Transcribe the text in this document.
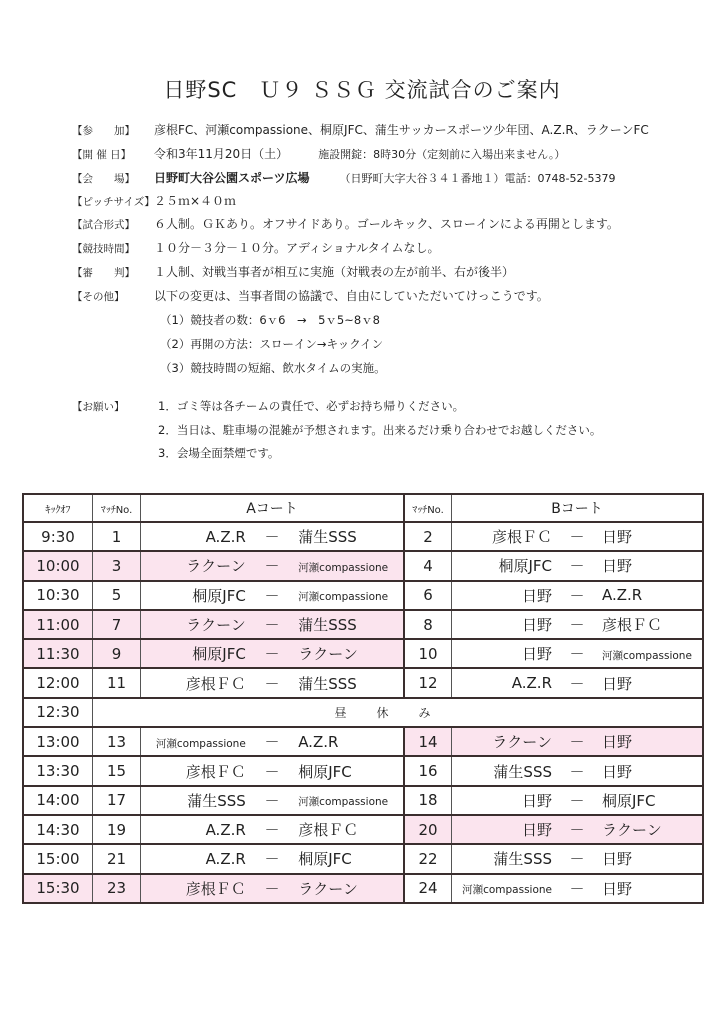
日野SC　Ｕ９ ＳＳＧ 交流試合のご案内
【参　　加】 彦根FC、河瀬compassione、桐原JFC、蒲生サッカースポーツ少年団、A.Z.R、ラクーンFC
【開 催 日】 令和3年11月20日（土）	施設開錠：8時30分（定刻前に入場出来ません。）
【会　　場】 日野町大谷公園スポーツ広場	（日野町大字大谷３４１番地１）電話：0748-52-5379
【ピッチサイズ】２５ｍ×４０ｍ
【試合形式】 ６人制。ＧＫあり。オフサイドあり。ゴールキック、スローインによる再開とします。
【競技時間】 １０分－３分－１０分。アディショナルタイムなし。
【審　　判】 １人制、対戦当事者が相互に実施（対戦表の左が前半、右が後半）
【その他】 以下の変更は、当事者間の協議で、自由にしていただいてけっこうです。
（1）競技者の数：6ｖ6　→　5ｖ5~8ｖ8
（2）再開の方法：スローイン→キックイン
（3）競技時間の短縮、飲水タイムの実施。
【お願い】	1．ゴミ等は各チームの責任で、必ずお持ち帰りください。
2．当日は、駐車場の混雑が予想されます。出来るだけ乗り合わせでお越しください。
3．会場全面禁煙です。
ｷｯｸｵﾌ	ﾏｯﾁNo.	Aコート	ﾏｯﾁNo.	Bコート
9:30	1	A.Z.R － 蒲生SSS	2	彦根ＦＣ － 日野

10:00	3	ラクーン － 河瀬compassione	4	桐原JFC － 日野

10:30	5	桐原JFC － 河瀬compassione	6	日野 － A.Z.R

11:00	7	ラクーン － 蒲生SSS	8	日野 － 彦根ＦＣ

11:30	9	桐原JFC － ラクーン	10	日野 － 河瀬compassione

12:00	11	彦根ＦＣ － 蒲生SSS	12	A.Z.R － 日野

12:30	昼休み			
13:00	13	河瀬compassione － A.Z.R	14	ラクーン － 日野

13:30	15	彦根ＦＣ － 桐原JFC	16	蒲生SSS － 日野

14:00	17	蒲生SSS － 河瀬compassione	18	日野 － 桐原JFC

14:30	19	A.Z.R － 彦根ＦＣ	20	日野 － ラクーン

15:00	21	A.Z.R － 桐原JFC	22	蒲生SSS － 日野

15:30	23	彦根ＦＣ － ラクーン	24	河瀬compassione － 日野
